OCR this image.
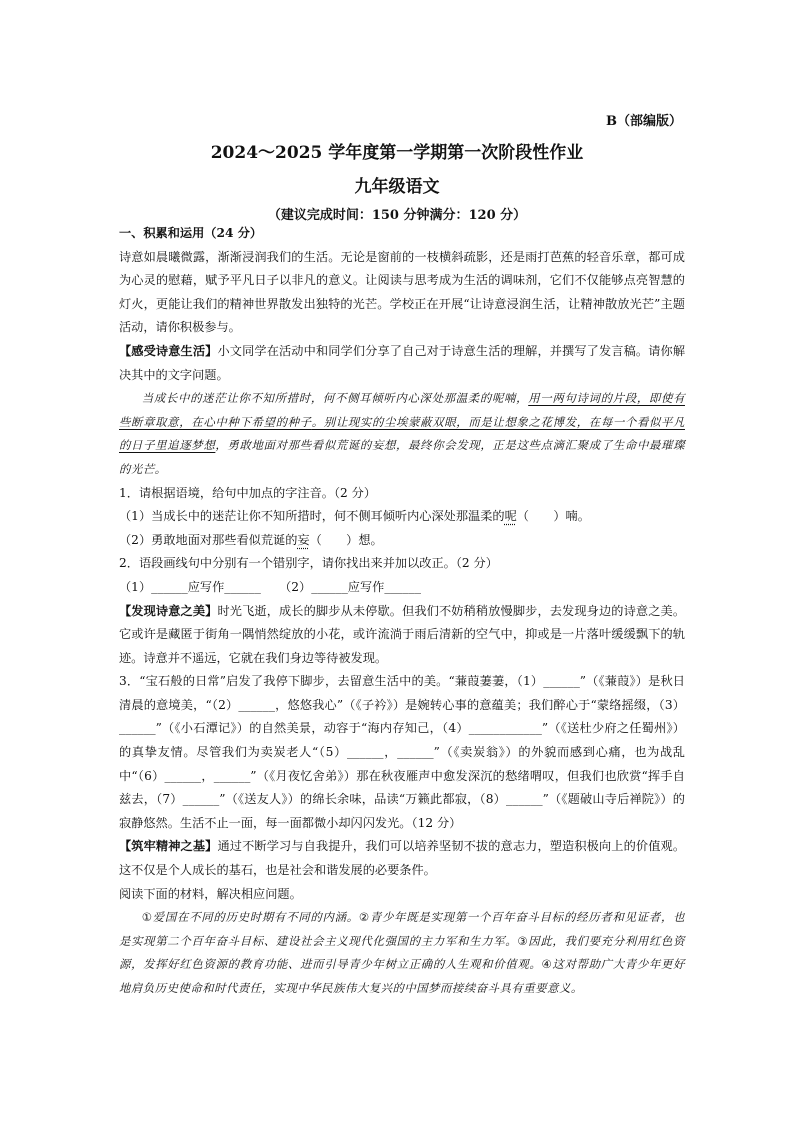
B（部编版）
2024～2025 学年度第一学期第一次阶段性作业
九年级语文
（建议完成时间：150 分钟满分：120 分）

一、积累和运用（24 分）

诗意如晨曦微露，渐渐浸润我们的生活。无论是窗前的一枝横斜疏影，还是雨打芭蕉的轻音乐章，都可成为心灵的慰藉，赋予平凡日子以非凡的意义。让阅读与思考成为生活的调味剂，它们不仅能够点亮智慧的灯火，更能让我们的精神世界散发出独特的光芒。学校正在开展“让诗意浸润生活，让精神散放光芒”主题活动，请你积极参与。

【感受诗意生活】小文同学在活动中和同学们分享了自己对于诗意生活的理解，并撰写了发言稿。请你解决其中的文字问题。

当成长中的迷茫让你不知所措时，何不侧耳倾听内心深处那温柔的呢喃，用一两句诗词的片段，即使有些断章取意，在心中种下希望的种子。别让现实的尘埃蒙蔽双眼，而是让想象之花博发，在每一个看似平凡的日子里追逐梦想，勇敢地面对那些看似荒诞的妄想，最终你会发现，正是这些点滴汇聚成了生命中最璀璨的光芒。

1．请根据语境，给句中加点的字注音。（2 分）

（1）当成长中的迷茫让你不知所措时，何不侧耳倾听内心深处那温柔的呢（　　）喃。

（2）勇敢地面对那些看似荒诞的妄（　　）想。

2．语段画线句中分别有一个错别字，请你找出来并加以改正。（2 分）

（1）______应写作______　　（2）______应写作______

【发现诗意之美】时光飞逝，成长的脚步从未停歇。但我们不妨稍稍放慢脚步，去发现身边的诗意之美。它或许是藏匿于街角一隅悄然绽放的小花，或许流淌于雨后清新的空气中，抑或是一片落叶缓缓飘下的轨迹。诗意并不遥远，它就在我们身边等待被发现。

3．“宝石般的日常”启发了我停下脚步，去留意生活中的美。“蒹葭萋萋，（1）______”（《蒹葭》）是秋日清晨的意境美，“（2）______，悠悠我心”（《子衿》）是婉转心事的意蕴美；我们醉心于“蒙络摇缀，（3）______”（《小石潭记》）的自然美景，动容于“海内存知己，（4）____________”（《送杜少府之任蜀州》）的真挚友情。尽管我们为卖炭老人“（5）______，______”（《卖炭翁》）的外貌而感到心痛，也为战乱中“（6）______，______”（《月夜忆舍弟》）那在秋夜雁声中愈发深沉的愁绪喟叹，但我们也欣赏“挥手自兹去，（7）______”（《送友人》）的绵长余味，品读“万籁此都寂，（8）______”（《题破山寺后禅院》）的寂静悠然。生活不止一面，每一面都微小却闪闪发光。（12 分）

【筑牢精神之基】通过不断学习与自我提升，我们可以培养坚韧不拔的意志力，塑造积极向上的价值观。这不仅是个人成长的基石，也是社会和谐发展的必要条件。

阅读下面的材料，解决相应问题。

①爱国在不同的历史时期有不同的内涵。②青少年既是实现第一个百年奋斗目标的经历者和见证者，也是实现第二个百年奋斗目标、建设社会主义现代化强国的主力军和生力军。③因此，我们要充分利用红色资源，发挥好红色资源的教育功能、进而引导青少年树立正确的人生观和价值观。④这对帮助广大青少年更好地肩负历史使命和时代责任，实现中华民族伟大复兴的中国梦而接续奋斗具有重要意义。
